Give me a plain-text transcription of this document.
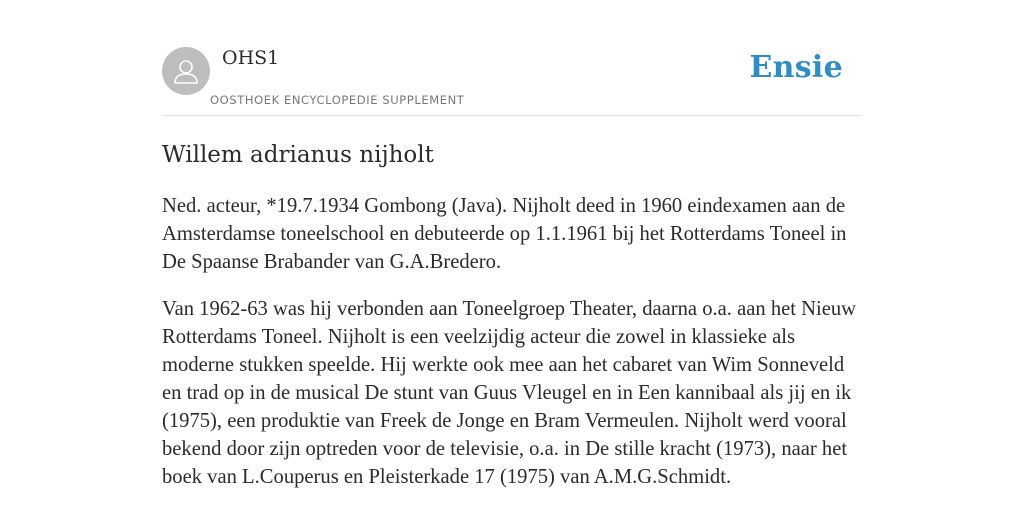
OHS1
OOSTHOEK ENCYCLOPEDIE SUPPLEMENT
Ensie
Willem adrianus nijholt

Ned. acteur, *19.7.1934 Gombong (Java). Nijholt deed in 1960 eindexamen aan de Amsterdamse toneelschool en debuteerde op 1.1.1961 bij het Rotterdams Toneel in De Spaanse Brabander van G.A.Bredero.

Van 1962-63 was hij verbonden aan Toneelgroep Theater, daarna o.a. aan het Nieuw Rotterdams Toneel. Nijholt is een veelzijdig acteur die zowel in klassieke als moderne stukken speelde. Hij werkte ook mee aan het cabaret van Wim Sonneveld en trad op in de musical De stunt van Guus Vleugel en in Een kannibaal als jij en ik (1975), een produktie van Freek de Jonge en Bram Vermeulen. Nijholt werd vooral bekend door zijn optreden voor de televisie, o.a. in De stille kracht (1973), naar het boek van L.Couperus en Pleisterkade 17 (1975) van A.M.G.Schmidt.
